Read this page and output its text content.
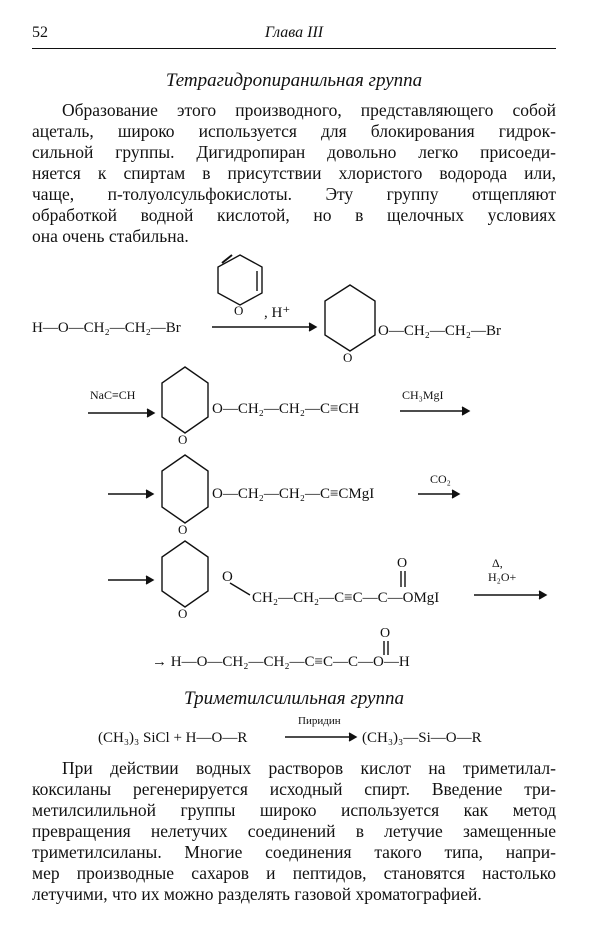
52	Глава III
Тетрагидропиранильная группа
Образование этого производного, представляющего собой
ацеталь, широко используется для блокирования гидрок-
сильной группы. Дигидропиран довольно легко присоеди-
няется к спиртам в присутствии хлористого водорода или,
чаще, п-толуолсульфокислоты. Эту группу отщепляют
обработкой водной кислотой, но в щелочных условиях
она очень стабильна.
O
H—O—CH₂—CH₂—Br
, H⁺
O
O—CH₂—CH₂—Br
NaC≡CH
O
O—CH₂—CH₂—C≡CH
CH₃MgI
O
O—CH₂—CH₂—C≡CMgI
CO₂
O
O
CH₂—CH₂—C≡C—C—OMgI
O	Δ,
H₂O+
O
→ H—O—CH₂—CH₂—C≡C—C—O—H
Триметилсилильная группа
(CH₃)₃ SiCl + H—O—R
Пиридин
(CH₃)₃—Si—O—R
При действии водных растворов кислот на триметилал-
коксиланы регенерируется исходный спирт. Введение три-
метилсилильной группы широко используется как метод
превращения нелетучих соединений в летучие замещенные
триметилсиланы. Многие соединения такого типа, напри-
мер производные сахаров и пептидов, становятся настолько
летучими, что их можно разделять газовой хроматографией.
